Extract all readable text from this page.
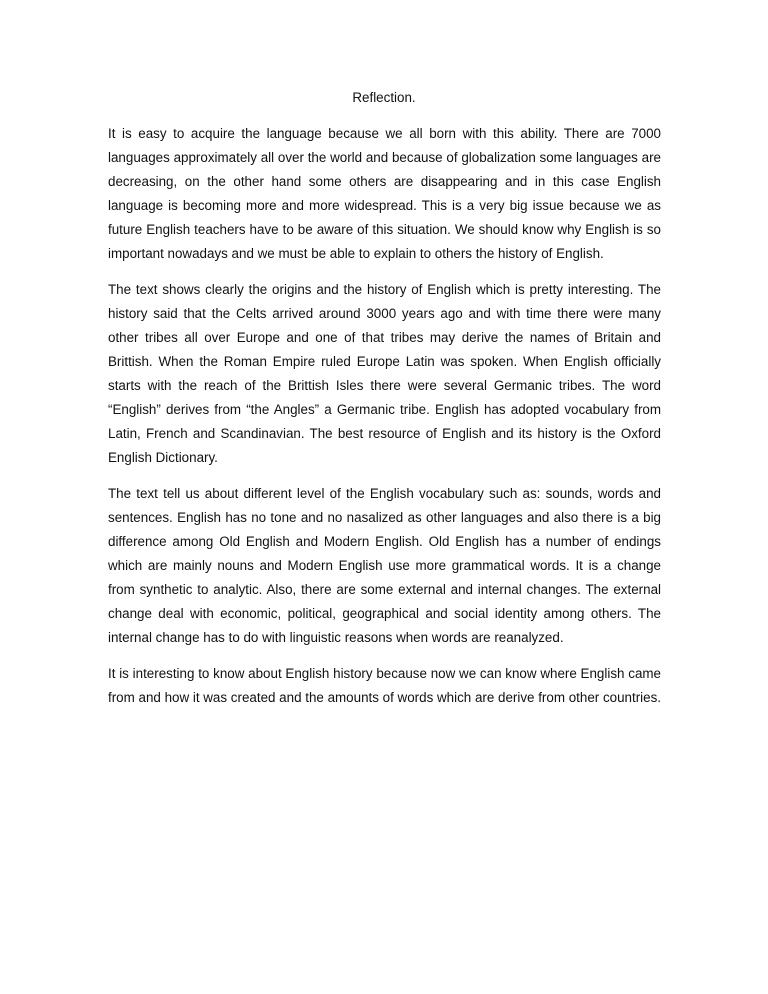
Reflection.

It is easy to acquire the language because we all born with this ability. There are 7000 languages approximately all over the world and because of globalization some languages are decreasing, on the other hand some others are disappearing and in this case English language is becoming more and more widespread. This is a very big issue because we as future English teachers have to be aware of this situation. We should know why English is so important nowadays and we must be able to explain to others the history of English.

The text shows clearly the origins and the history of English which is pretty interesting. The history said that the Celts arrived around 3000 years ago and with time there were many other tribes all over Europe and one of that tribes may derive the names of Britain and Brittish. When the Roman Empire ruled Europe Latin was spoken. When English officially starts with the reach of the Brittish Isles there were several Germanic tribes. The word “English” derives from “the Angles” a Germanic tribe. English has adopted vocabulary from Latin, French and Scandinavian. The best resource of English and its history is the Oxford English Dictionary.

The text tell us about different level of the English vocabulary such as: sounds, words and sentences. English has no tone and no nasalized as other languages and also there is a big difference among Old English and Modern English. Old English has a number of endings which are mainly nouns and Modern English use more grammatical words. It is a change from synthetic to analytic. Also, there are some external and internal changes. The external change deal with economic, political, geographical and social identity among others. The internal change has to do with linguistic reasons when words are reanalyzed.

It is interesting to know about English history because now we can know where English came from and how it was created and the amounts of words which are derive from other countries.
